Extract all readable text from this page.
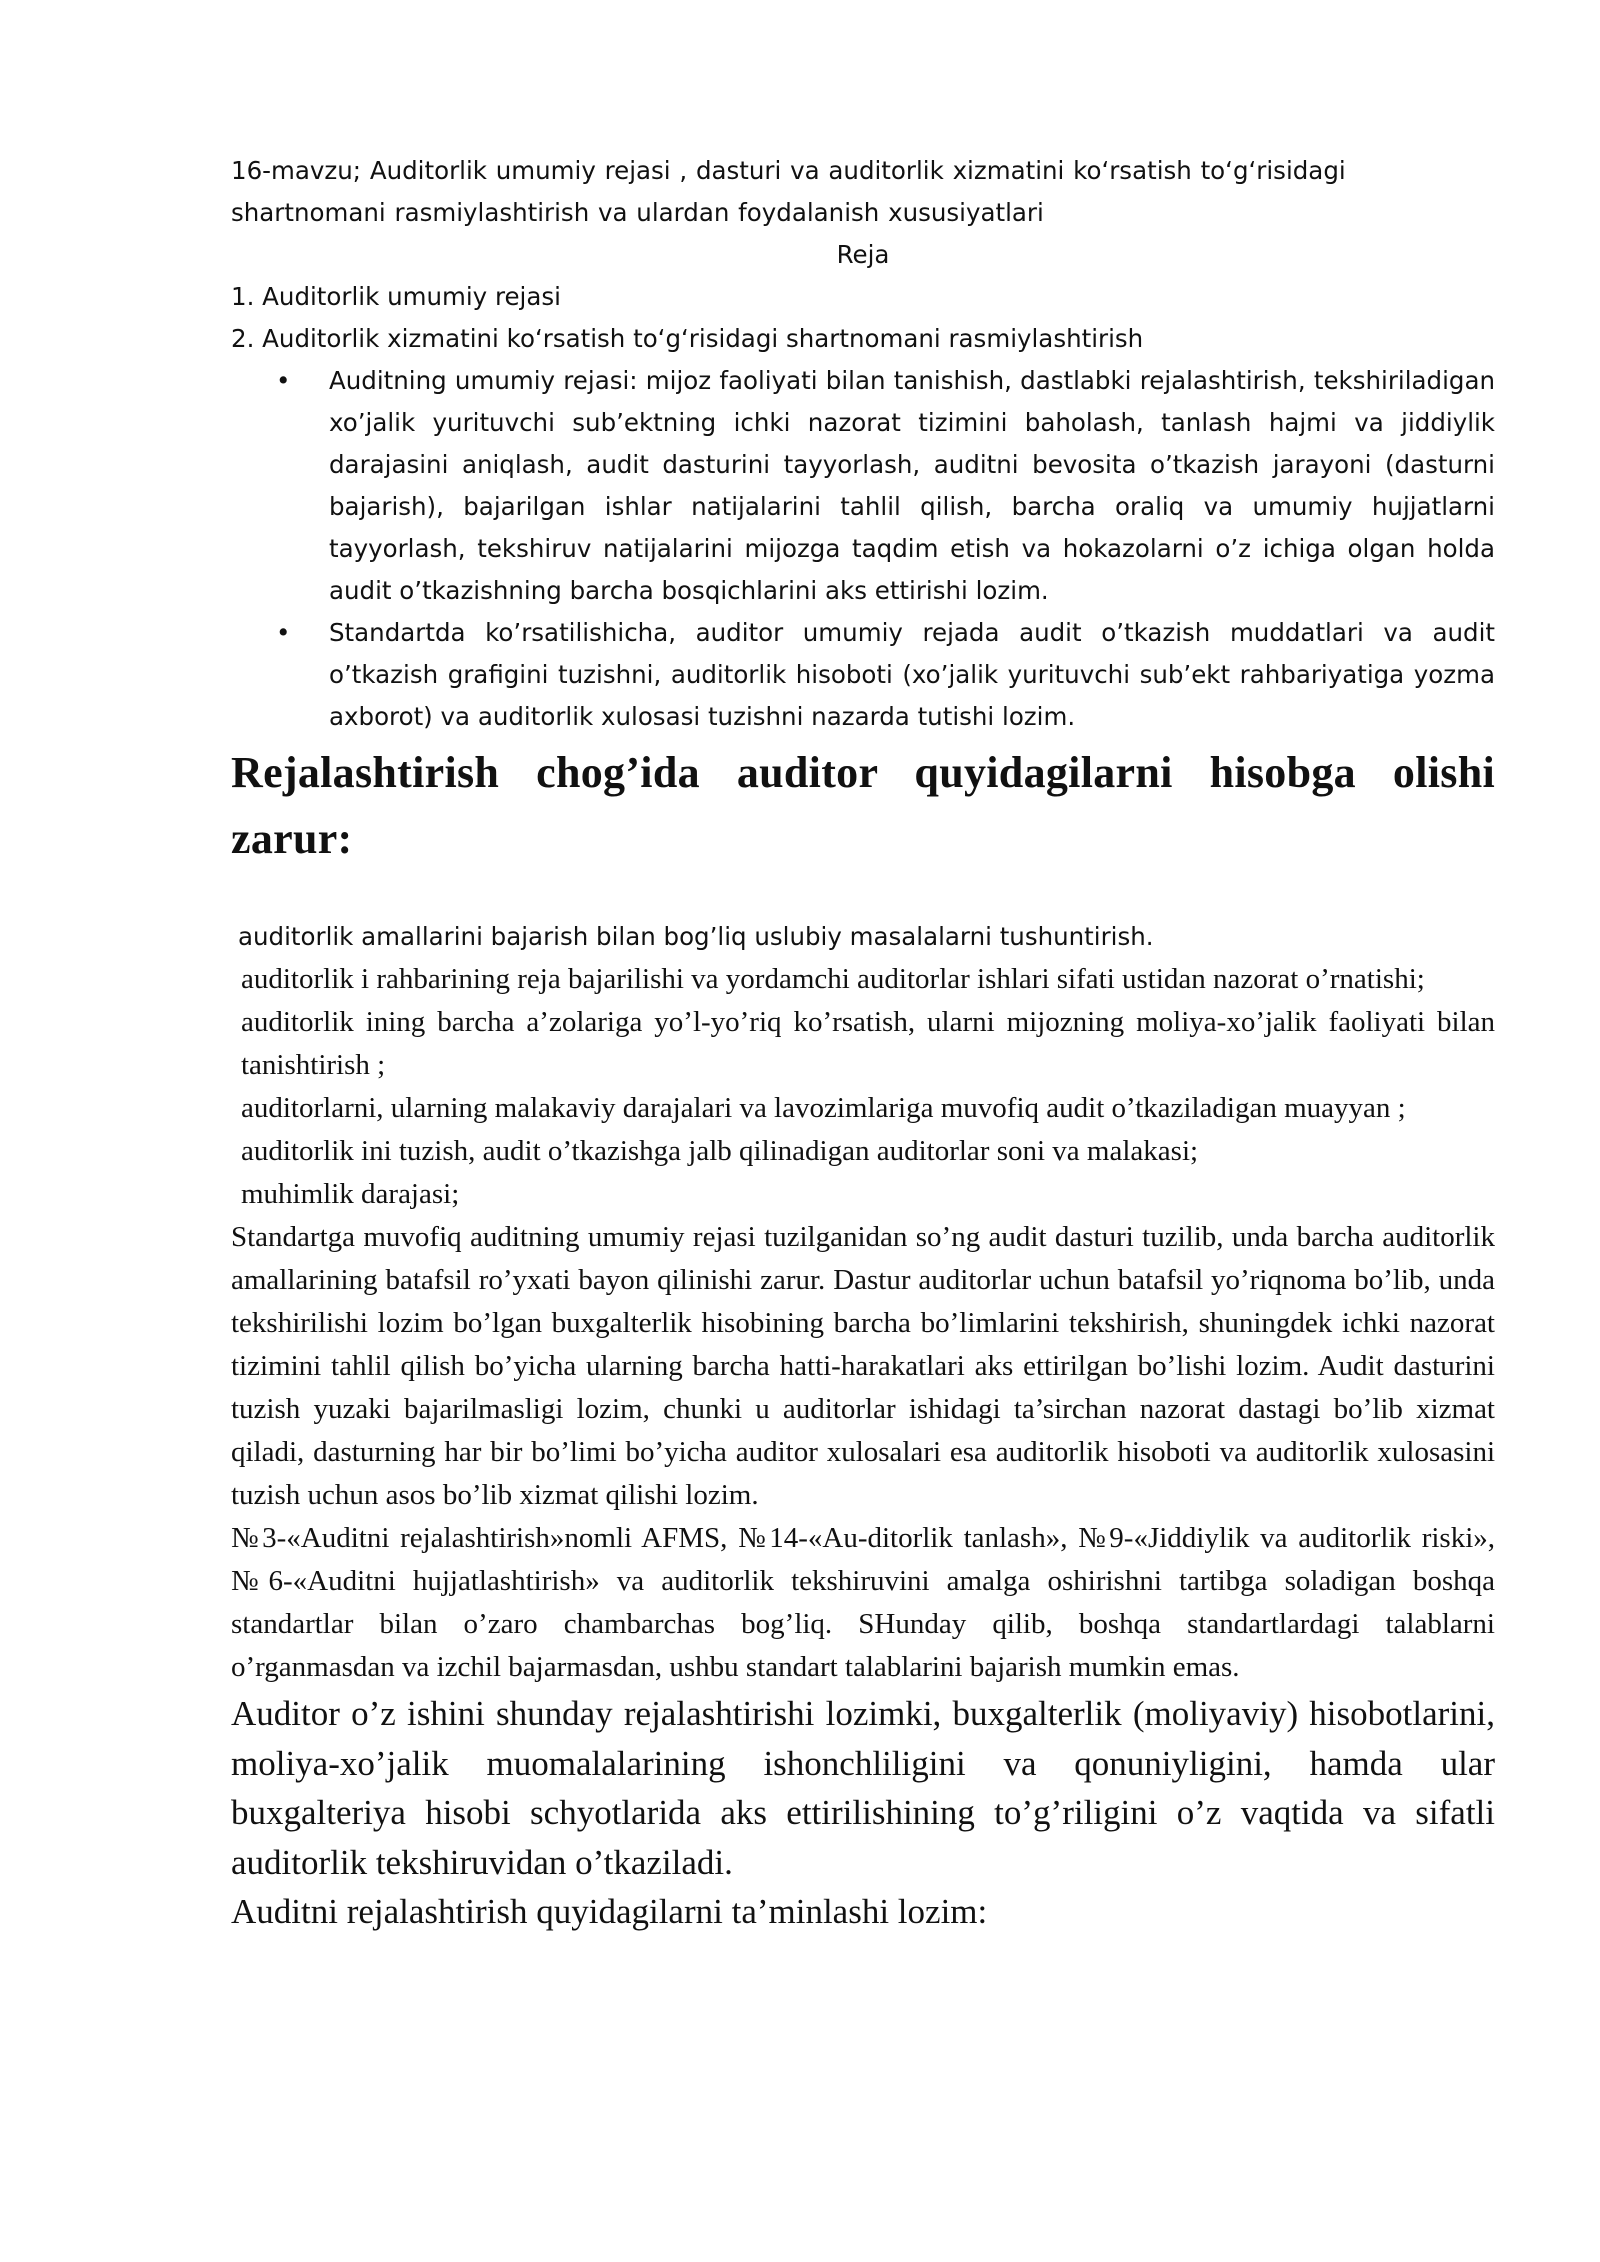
16-mavzu; Auditorlik umumiy rejasi , dasturi va auditorlik xizmatini ko‘rsatish to‘g‘risidagi shartnomani rasmiylashtirish va ulardan foydalanish xususiyatlari

Reja

1. Auditorlik umumiy rejasi

2. Auditorlik xizmatini ko‘rsatish to‘g‘risidagi shartnomani rasmiylashtirish

• Auditning umumiy rejasi: mijoz faoliyati bilan tanishish, dastlabki rejalashtirish, tekshiriladigan xo’jalik yurituvchi sub’ektning ichki nazorat tizimini baholash, tanlash hajmi va jiddiylik darajasini aniqlash, audit dasturini tayyorlash, auditni bevosita o’tkazish jarayoni (dasturni bajarish), bajarilgan ishlar natijalarini tahlil qilish, barcha oraliq va umumiy hujjatlarni tayyorlash, tekshiruv natijalarini mijozga taqdim etish va hokazolarni o’z ichiga olgan holda audit o’tkazishning barcha bosqichlarini aks ettirishi lozim.
• Standartda ko’rsatilishicha, auditor umumiy rejada audit o’tkazish muddatlari va audit o’tkazish grafigini tuzishni, auditorlik hisoboti (xo’jalik yurituvchi sub’ekt rahbariyatiga yozma axborot) va auditorlik xulosasi tuzishni nazarda tutishi lozim.
Rejalashtirish chog’ida auditor quyidagilarni hisobga olishi zarur:

auditorlik amallarini bajarish bilan bog’liq uslubiy masalalarni tushuntirish.

auditorlik i rahbarining reja bajarilishi va yordamchi auditorlar ishlari sifati ustidan nazorat o’rnatishi;

auditorlik ining barcha a’zolariga yo’l-yo’riq ko’rsatish, ularni mijozning moliya-xo’jalik faoliyati bilan tanishtirish ;

auditorlarni, ularning malakaviy darajalari va lavozimlariga muvofiq audit o’tkaziladigan muayyan ;

auditorlik ini tuzish, audit o’tkazishga jalb qilinadigan auditorlar soni va malakasi;

muhimlik darajasi;

Standartga muvofiq auditning umumiy rejasi tuzilganidan so’ng audit dasturi tuzilib, unda barcha auditorlik amallarining batafsil ro’yxati bayon qilinishi zarur. Dastur auditorlar uchun batafsil yo’riqnoma bo’lib, unda tekshirilishi lozim bo’lgan buxgalterlik hisobining barcha bo’limlarini tekshirish, shuningdek ichki nazorat tizimini tahlil qilish bo’yicha ularning barcha hatti-harakatlari aks ettirilgan bo’lishi lozim. Audit dasturini tuzish yuzaki bajarilmasligi lozim, chunki u auditorlar ishidagi ta’sirchan nazorat dastagi bo’lib xizmat qiladi, dasturning har bir bo’limi bo’yicha auditor xulosalari esa auditorlik hisoboti va auditorlik xulosasini tuzish uchun asos bo’lib xizmat qilishi lozim.

№3-«Auditni rejalashtirish»nomli AFMS, №14-«Au-ditorlik tanlash», №9-«Jiddiylik va auditorlik riski», №6-«Auditni hujjatlashtirish» va auditorlik tekshiruvini amalga oshirishni tartibga soladigan boshqa standartlar bilan o’zaro chambarchas bog’liq. SHunday qilib, boshqa standartlardagi talablarni o’rganmasdan va izchil bajarmasdan, ushbu standart talablarini bajarish mumkin emas.

Auditor o’z ishini shunday rejalashtirishi lozimki, buxgalterlik (moliyaviy) hisobotlarini, moliya-xo’jalik muomalalarining ishonchliligini va qonuniyligini, hamda ular buxgalteriya hisobi schyotlarida aks ettirilishining to’g’riligini o’z vaqtida va sifatli auditorlik tekshiruvidan o’tkaziladi.

Auditni rejalashtirish quyidagilarni ta’minlashi lozim:
